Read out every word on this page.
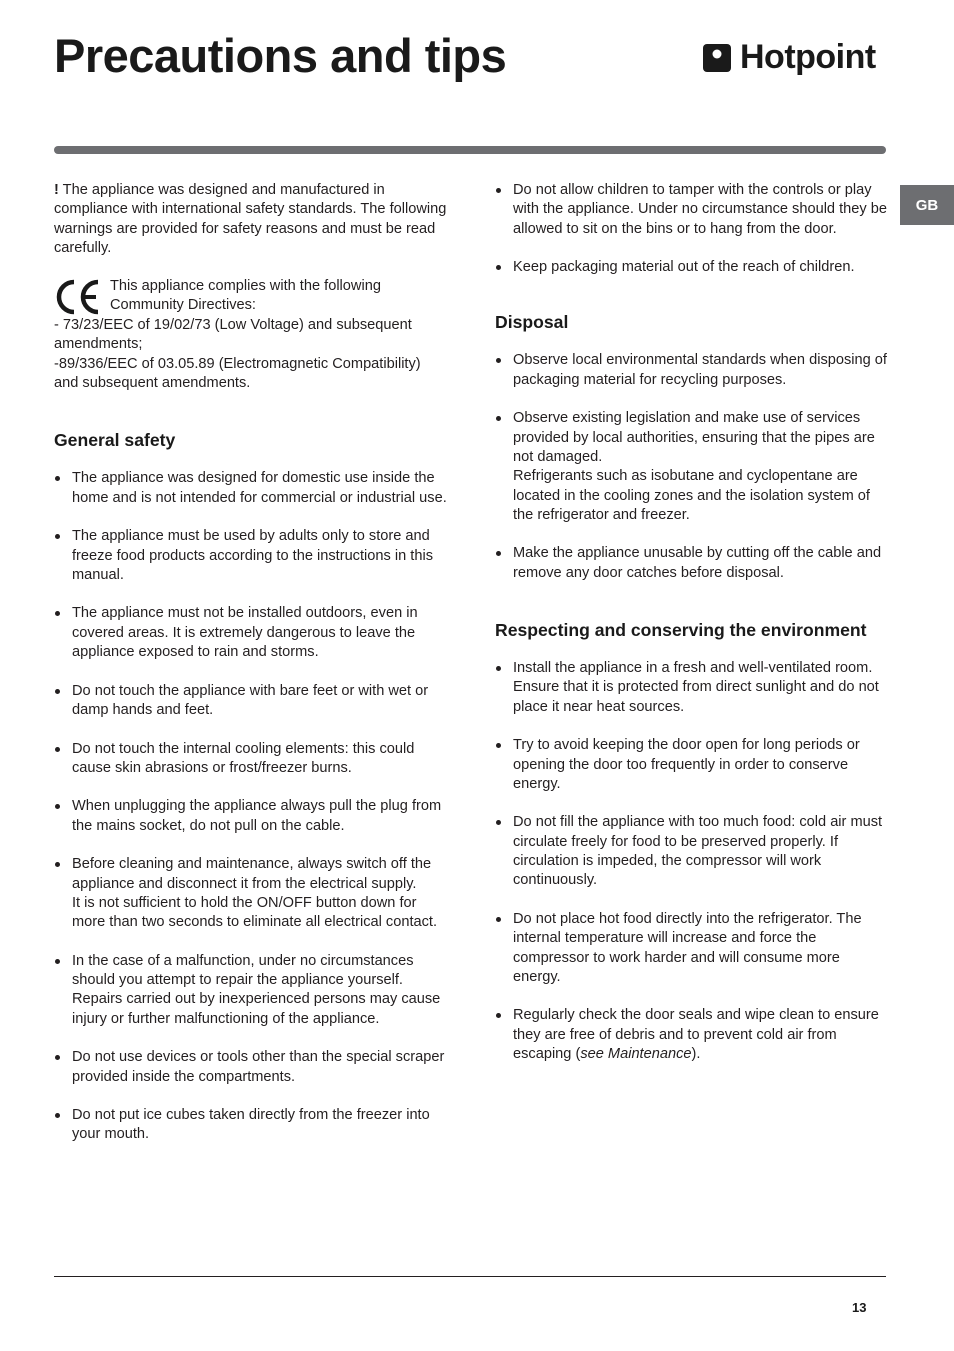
Precautions and tips	Hotpoint
GB

! The appliance was designed and manufactured in compliance with international safety standards. The following warnings are provided for safety reasons and must be read carefully.

This appliance complies with the following Community Directives:

- 73/23/EEC of 19/02/73 (Low Voltage) and subsequent amendments;

-89/336/EEC of 03.05.89 (Electromagnetic Compatibility) and subsequent amendments.

General safety
The appliance was designed for domestic use inside the home and is not intended for commercial or industrial use.
The appliance must be used by adults only to store and freeze food products according to the instructions in this manual.
The appliance must not be installed outdoors, even in covered areas. It is extremely dangerous to leave the appliance exposed to rain and storms.
Do not touch the appliance with bare feet or with wet or damp hands and feet.
Do not touch the internal cooling elements: this could cause skin abrasions or frost/freezer burns.
When unplugging the appliance always pull the plug from the mains socket, do not pull on the cable.
Before cleaning and maintenance, always switch off the appliance and disconnect it from the electrical supply.
It is not sufficient to hold the ON/OFF button down for more than two seconds to eliminate all electrical contact.
In the case of a malfunction, under no circumstances should you attempt to repair the appliance yourself. Repairs carried out by inexperienced persons may cause injury or further malfunctioning of the appliance.
Do not use devices or tools other than the special scraper provided inside the compartments.
Do not put ice cubes taken directly from the freezer into your mouth.
Do not allow children to tamper with the controls or play with the appliance. Under no circumstance should they be allowed to sit on the bins or to hang from the door.
Keep packaging material out of the reach of children.
Disposal
Observe local environmental standards when disposing of packaging material for recycling purposes.
Observe existing legislation and make use of services provided by local authorities, ensuring that the pipes are not damaged.
Refrigerants such as isobutane and cyclopentane are located in the cooling zones and the isolation system of the refrigerator and freezer.
Make the appliance unusable by cutting off the cable and remove any door catches before disposal.
Respecting and conserving the environment
Install the appliance in a fresh and well-ventilated room. Ensure that it is protected from direct sunlight and do not place it near heat sources.
Try to avoid keeping the door open for long periods or opening the door too frequently in order to conserve energy.
Do not fill the appliance with too much food: cold air must circulate freely for food to be preserved properly. If circulation is impeded, the compressor will work continuously.
Do not place hot food directly into the refrigerator. The internal temperature will increase and force the compressor to work harder and will consume more energy.
Regularly check the door seals and wipe clean to ensure they are free of debris and to prevent cold air from escaping (see Maintenance).
13
